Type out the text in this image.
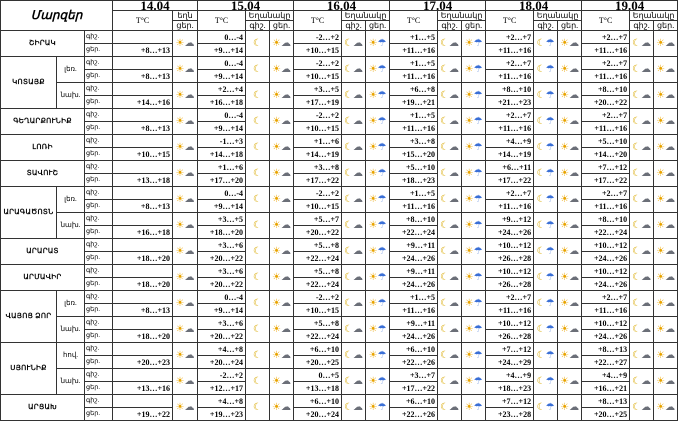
Մարզեր			14.04		15.04			16.04			17.04			18.04			19.04		
			T°C	եղն	T°C	Եղանակը		T°C	Եղանակը		T°C	Եղանակը		T°C	Եղանակը		T°C	Եղանակը	
				ցեր.		գիշ.	ցեր.		գիշ.	ցեր.		գիշ.	ցեր.		գիշ.	ցեր.		գիշ.	ցեր.
ՇԻՐԱԿ		գիշ.		☀☁	0…-4	☾	☀☁	-2…+2	☾☁	☀☂	+1…+5	☾☁	☀☂	+2…+7	☾☂	☀☁	+2…+7	☾☁	☀☁
		ցեր.	+8…+13		+9…+14			+10…+15			+11…+16			+11…+16			+11…+16		
ԿՈՏԱՅՔ	լեռ.	գիշ.		☀☁	0…-4	☾	☀☁	-2…+2	☾☁	☀☂	+1…+5	☾☁	☀☂	+2…+7	☾☂	☀☁	+2…+7	☾☁	☀☁
		ցեր.	+8…+13		+9…+14			+10…+15			+11…+16			+11…+16			+11…+16		
	նախ.	գիշ.		☀☁	+2…+4	☾	☀☁	+3…+5	☾☁	☀☂	+6…+8	☾☁	☀☂	+8…+10	☾☂	☀☁	+8…+10	☾☁	☀☁
		ցեր.	+14…+16		+16…+18			+17…+19			+19…+21			+21…+23			+20…+22		
ԳԵՂԱՐՔՈՒՆԻՔ		գիշ.		☀☁	0…-4	☾	☀☁	-2…+2	☾☁	☀☂	+1…+5	☾☁	☀☂	+2…+7	☾☂	☀☁	+2…+7	☾☁	☀☁
		ցեր.	+8…+13		+9…+14			+10…+15			+11…+16			+11…+16			+11…+16		
ԼՈՌԻ		գիշ.		☀☁	-1…+3	☾	☀☁	+1…+6	☾☁	☀☂	+3…+8	☾☁	☀☂	+4…+9	☾☂	☀☁	+5…+10	☾☁	☀☁
		ցեր.	+10…+15		+14…+18			+14…+19			+15…+20			+14…+19			+14…+20		
ՏԱՎՈՒՇ		գիշ.		☀☁	+1…+6	☾	☀☁	+3…+8	☾☁	☀☂	+5…+10	☾☁	☀☂	+6…+11	☾☂	☀☁	+7…+12	☾☁	☀☁
		ցեր.	+13…+18		+17…+20			+17…+22			+18…+23			+17…+22			+17…+22		
ԱՐԱԳԱԾՈՏՆ	լեռ.	գիշ.		☀☁	0…-4	☾	☀☁	-2…+2	☾☁	☀☂	+1…+5	☾☁	☀☂	+2…+7	☾☂	☀☁	+2…+7	☾☁	☀☁
		ցեր.	+8…+13		+9…+14			+10…+15			+11…+16			+11…+16			+11…+16		
	նախ.	գիշ.		☀☁	+3…+5	☾	☀☁	+5…+7	☾☁	☀☂	+8…+10	☾☁	☀☂	+9…+12	☾☂	☀☁	+8…+10	☾☁	☀☁
		ցեր.	+16…+18		+18…+20			+20…+22			+22…+24			+24…+26			+22…+24		
ԱՐԱՐԱՏ		գիշ.		☀☁	+3…+6	☾	☀☁	+5…+8	☾☁	☀☂	+9…+11	☾☁	☀☂	+10…+12	☾☂	☀☁	+10…+12	☾☁	☀☁
		ցեր.	+18…+20		+20…+22			+22…+24			+24…+26			+26…+28			+24…+26		
ԱՐՄԱՎԻՐ		գիշ.		☀☁	+3…+6	☾	☀☁	+5…+8	☾☁	☀☂	+9…+11	☾☁	☀☂	+10…+12	☾☂	☀☁	+10…+12	☾☁	☀☁
		ցեր.	+18…+20		+20…+22			+22…+24			+24…+26			+26…+28			+24…+26		
ՎԱՅՈՑ ՁՈՐ	լեռ.	գիշ.		☀☁	0…-4	☾	☀☁	-2…+2	☾☁	☀☂	+1…+5	☾☁	☀☂	+2…+7	☾☂	☀☁	+2…+7	☾☁	☀☁
		ցեր.	+8…+13		+9…+14			+10…+15			+11…+16			+11…+16			+11…+16		
	նախ.	գիշ.		☀☁	+3…+6	☾	☀☁	+5…+8	☾☁	☀☂	+9…+11	☾☁	☀☂	+10…+12	☾☂	☀☁	+10…+12	☾☁	☀☁
		ցեր.	+18…+20		+20…+22			+22…+24			+24…+26			+26…+28			+24…+26		
ՍՅՈՒՆԻՔ	հով.	գիշ.		☀☁	+4…+8	☾	☀☁	+6…+10	☾☁	☀☂	+6…+10	☾☁	☀☂	+7…+12	☾☂	☀☁	+8…+13	☾☁	☀☁
		ցեր.	+20…+23		+20…+24			+20…+25			+22…+26			+24…+29			+22…+27		
	նախ.	գիշ.		☀☁	-2…+2	☾	☀☁	0…+5	☾☁	☀☂	+3…+7	☾☁	☀☂	+4…+9	☾☂	☀☁	+4…+9	☾☁	☀☁
		ցեր.	+13…+16		+12…+17			+13…+18			+17…+22			+18…+23			+16…+21		
ԱՐՑԱԽ		գիշ.		☀☁	+4…+8	☾	☀☁	+6…+10	☾☁	☀☂	+6…+10	☾☁	☀☂	+7…+12	☾☂	☀☁	+8…+13	☾☁	☀☁
		ցեր.	+19…+22		+19…+23			+20…+24			+22…+26			+23…+28			+20…+25		
